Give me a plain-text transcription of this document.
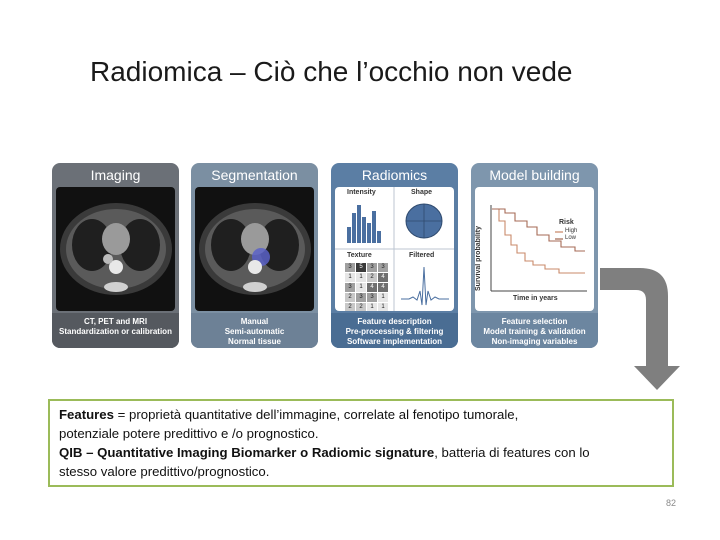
Radiomica – Ciò che l’occhio non vede
Imaging
CT, PET and MRI
Standardization or calibration
Segmentation
Manual
Semi-automatic
Normal tissue
Radiomics
Intensity	Shape
Texture	Filtered
3	5	3	3
1	1	2	4
3	1	4	4
2	3	3	1
2	2	1	1
Feature description
Pre-processing & filtering
Software implementation
Model building
Survival probability
Time in years
Risk
High
Low
Feature selection
Model training & validation
Non-imaging variables
Features = proprietà quantitative dell’immagine, correlate al fenotipo tumorale,
potenziale potere predittivo e /o prognostico.
QIB – Quantitative Imaging Biomarker o Radiomic signature, batteria di features con lo
stesso valore predittivo/prognostico.
82
